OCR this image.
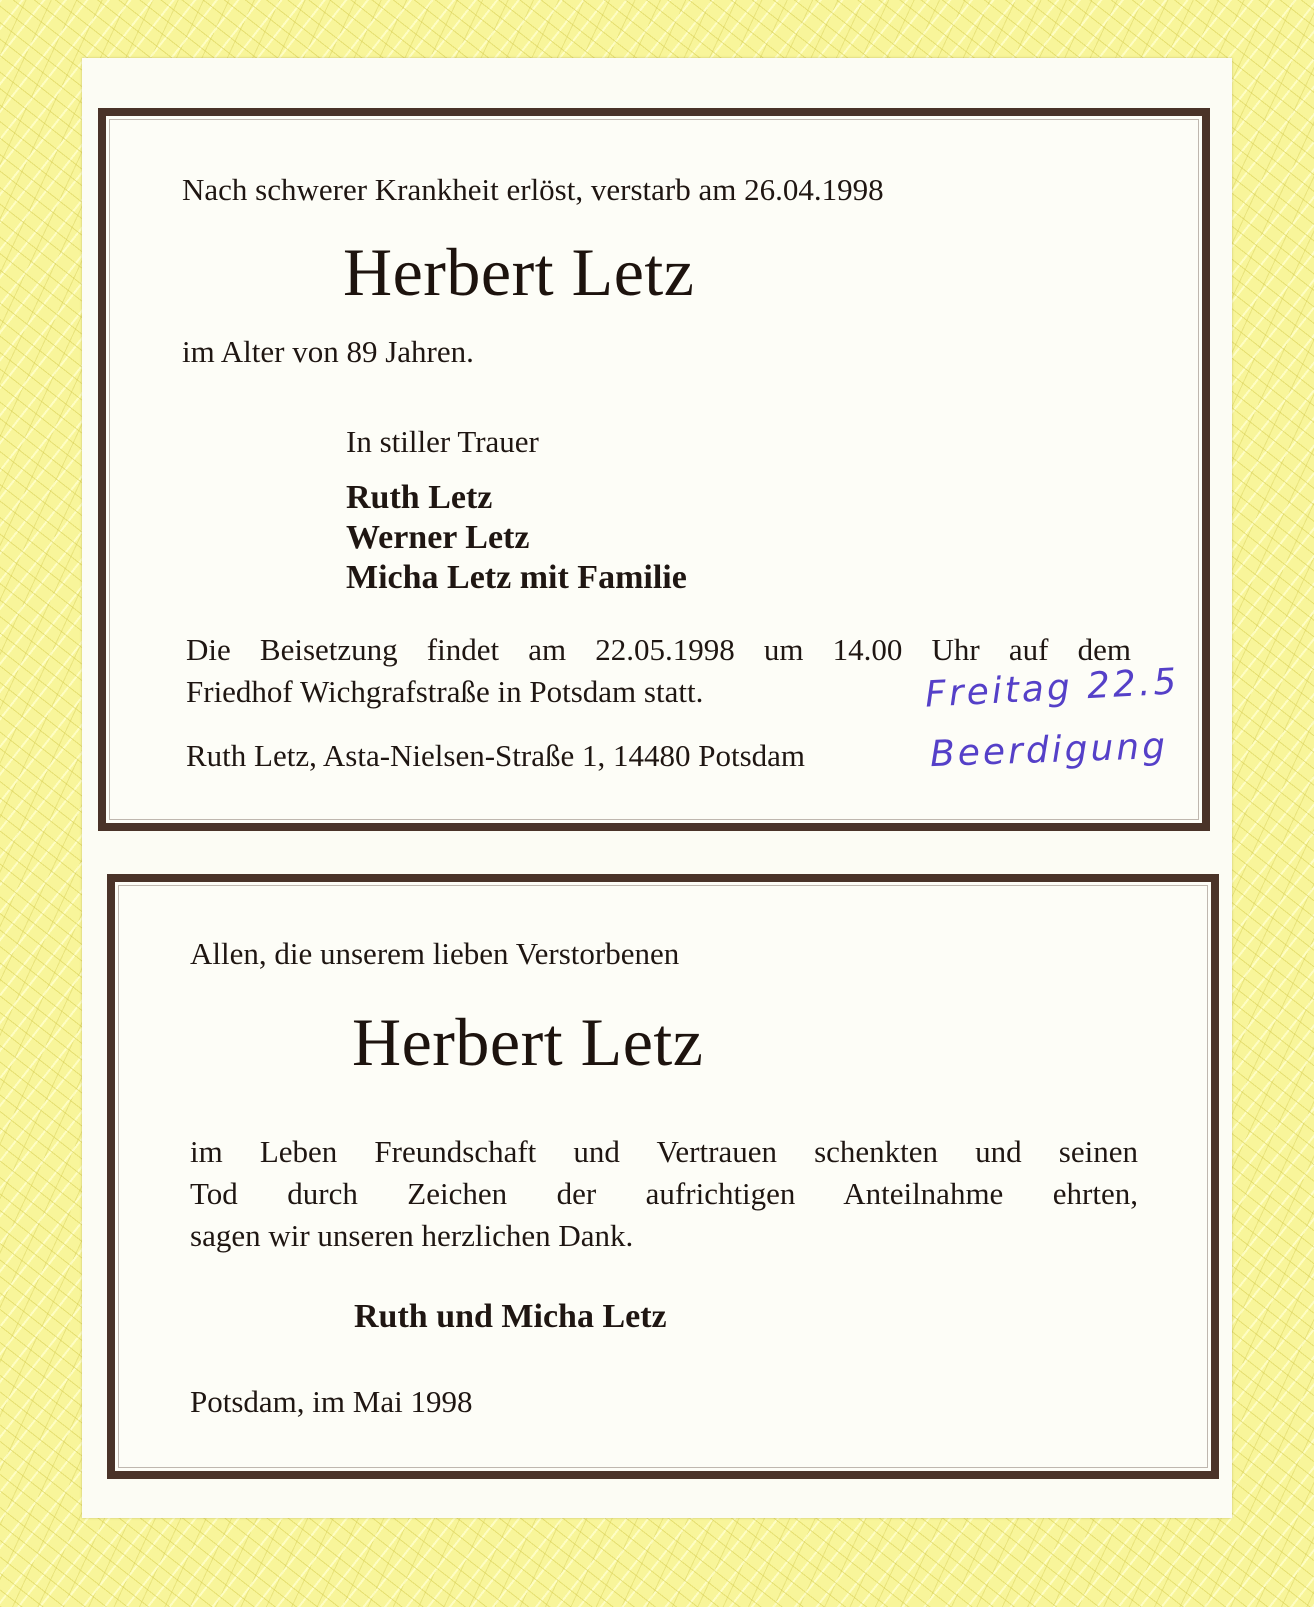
Nach schwerer Krankheit erlöst, verstarb am 26.04.1998

Herbert Letz

im Alter von 89 Jahren.

In stiller Trauer

Ruth Letz
Werner Letz
Micha Letz mit Familie
Die Beisetzung findet am 22.05.1998 um 14.00 Uhr auf dem

Friedhof Wichgrafstraße in Potsdam statt.

Ruth Letz, Asta-Nielsen-Straße 1, 14480 Potsdam

Freitag 22.5
Beerdigung

Allen, die unserem lieben Verstorbenen

Herbert Letz

im Leben Freundschaft und Vertrauen schenkten und seinen
Tod durch Zeichen der aufrichtigen Anteilnahme ehrten,

sagen wir unseren herzlichen Dank.

Ruth und Micha Letz

Potsdam, im Mai 1998
